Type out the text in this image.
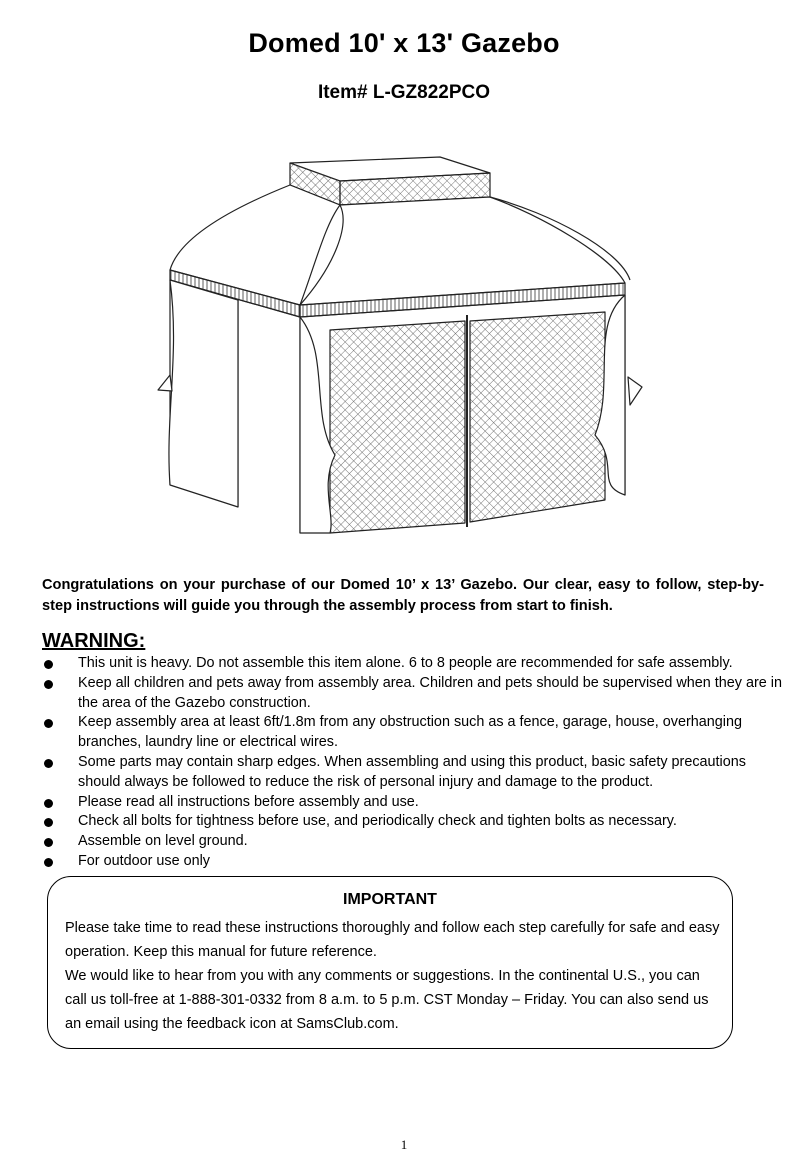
Domed 10' x 13' Gazebo
Item# L-GZ822PCO
Congratulations on your purchase of our Domed 10’ x 13’ Gazebo. Our clear, easy to follow, step-by-step instructions will guide you through the assembly process from start to finish.
WARNING:
This unit is heavy. Do not assemble this item alone. 6 to 8 people are recommended for safe assembly.
Keep all children and pets away from assembly area. Children and pets should be supervised when they are in the area of the Gazebo construction.
Keep assembly area at least 6ft/1.8m from any obstruction such as a fence, garage, house, overhanging branches, laundry line or electrical wires.
Some parts may contain sharp edges. When assembling and using this product, basic safety precautions should always be followed to reduce the risk of personal injury and damage to the product.
Please read all instructions before assembly and use.
Check all bolts for tightness before use, and periodically check and tighten bolts as necessary.
Assemble on level ground.
For outdoor use only
IMPORTANT
Please take time to read these instructions thoroughly and follow each step carefully for safe and easy operation. Keep this manual for future reference.
We would like to hear from you with any comments or suggestions. In the continental U.S., you can call us toll-free at 1-888-301-0332 from 8 a.m. to 5 p.m. CST Monday – Friday. You can also send us an email using the feedback icon at SamsClub.com.
1
